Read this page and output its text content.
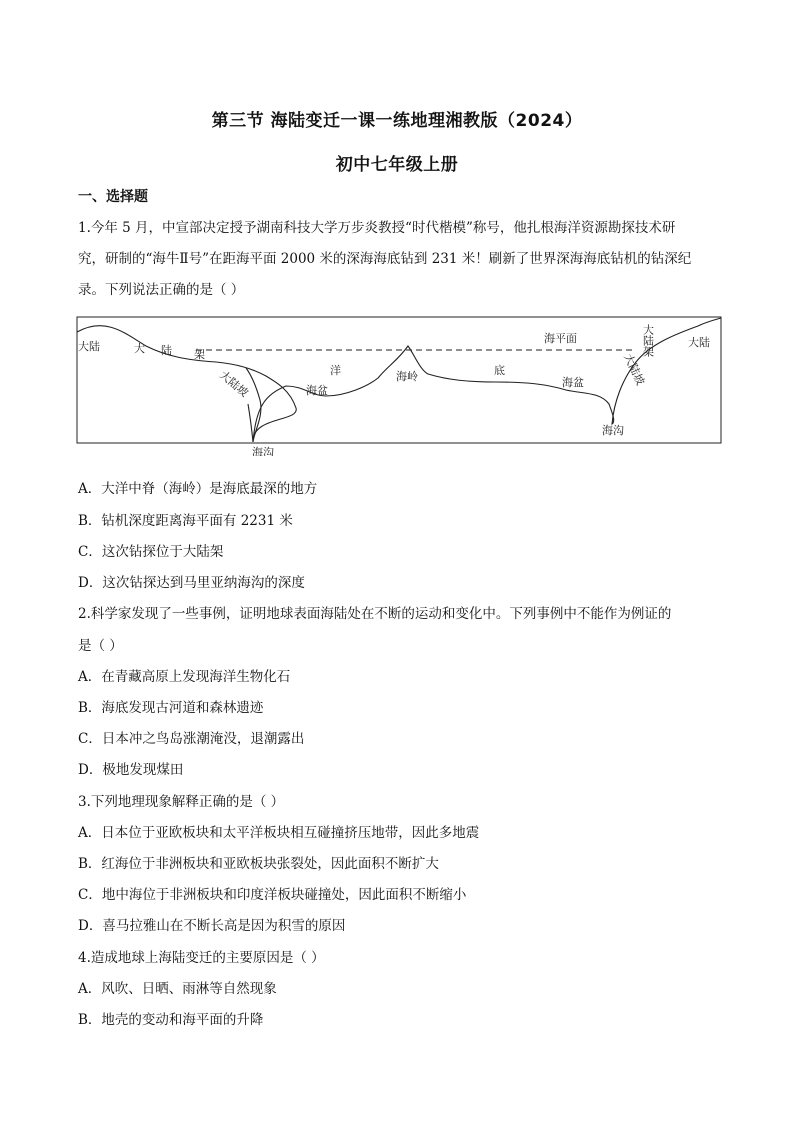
第三节 海陆变迁一课一练地理湘教版（2024）
初中七年级上册
一、选择题
1.今年 5 月，中宣部决定授予湖南科技大学万步炎教授“时代楷模”称号，他扎根海洋资源勘探技术研
究，研制的“海牛Ⅱ号”在距海平面 2000 米的深海海底钻到 231 米！刷新了世界深海海底钻机的钻深纪
录。下列说法正确的是（ ）
大陆	大 陆 架
大陆坡
海沟
洋
海盆
海岭	底
海平面
海盆	大陆坡
海沟
大陆架	大陆
A．大洋中脊（海岭）是海底最深的地方
B．钻机深度距离海平面有 2231 米
C．这次钻探位于大陆架
D．这次钻探达到马里亚纳海沟的深度
2.科学家发现了一些事例，证明地球表面海陆处在不断的运动和变化中。下列事例中不能作为例证的
是（ ）
A．在青藏高原上发现海洋生物化石
B．海底发现古河道和森林遗迹
C．日本冲之鸟岛涨潮淹没，退潮露出
D．极地发现煤田
3.下列地理现象解释正确的是（ ）
A．日本位于亚欧板块和太平洋板块相互碰撞挤压地带，因此多地震
B．红海位于非洲板块和亚欧板块张裂处，因此面积不断扩大
C．地中海位于非洲板块和印度洋板块碰撞处，因此面积不断缩小
D．喜马拉雅山在不断长高是因为积雪的原因
4.造成地球上海陆变迁的主要原因是（ ）
A．风吹、日晒、雨淋等自然现象
B．地壳的变动和海平面的升降
